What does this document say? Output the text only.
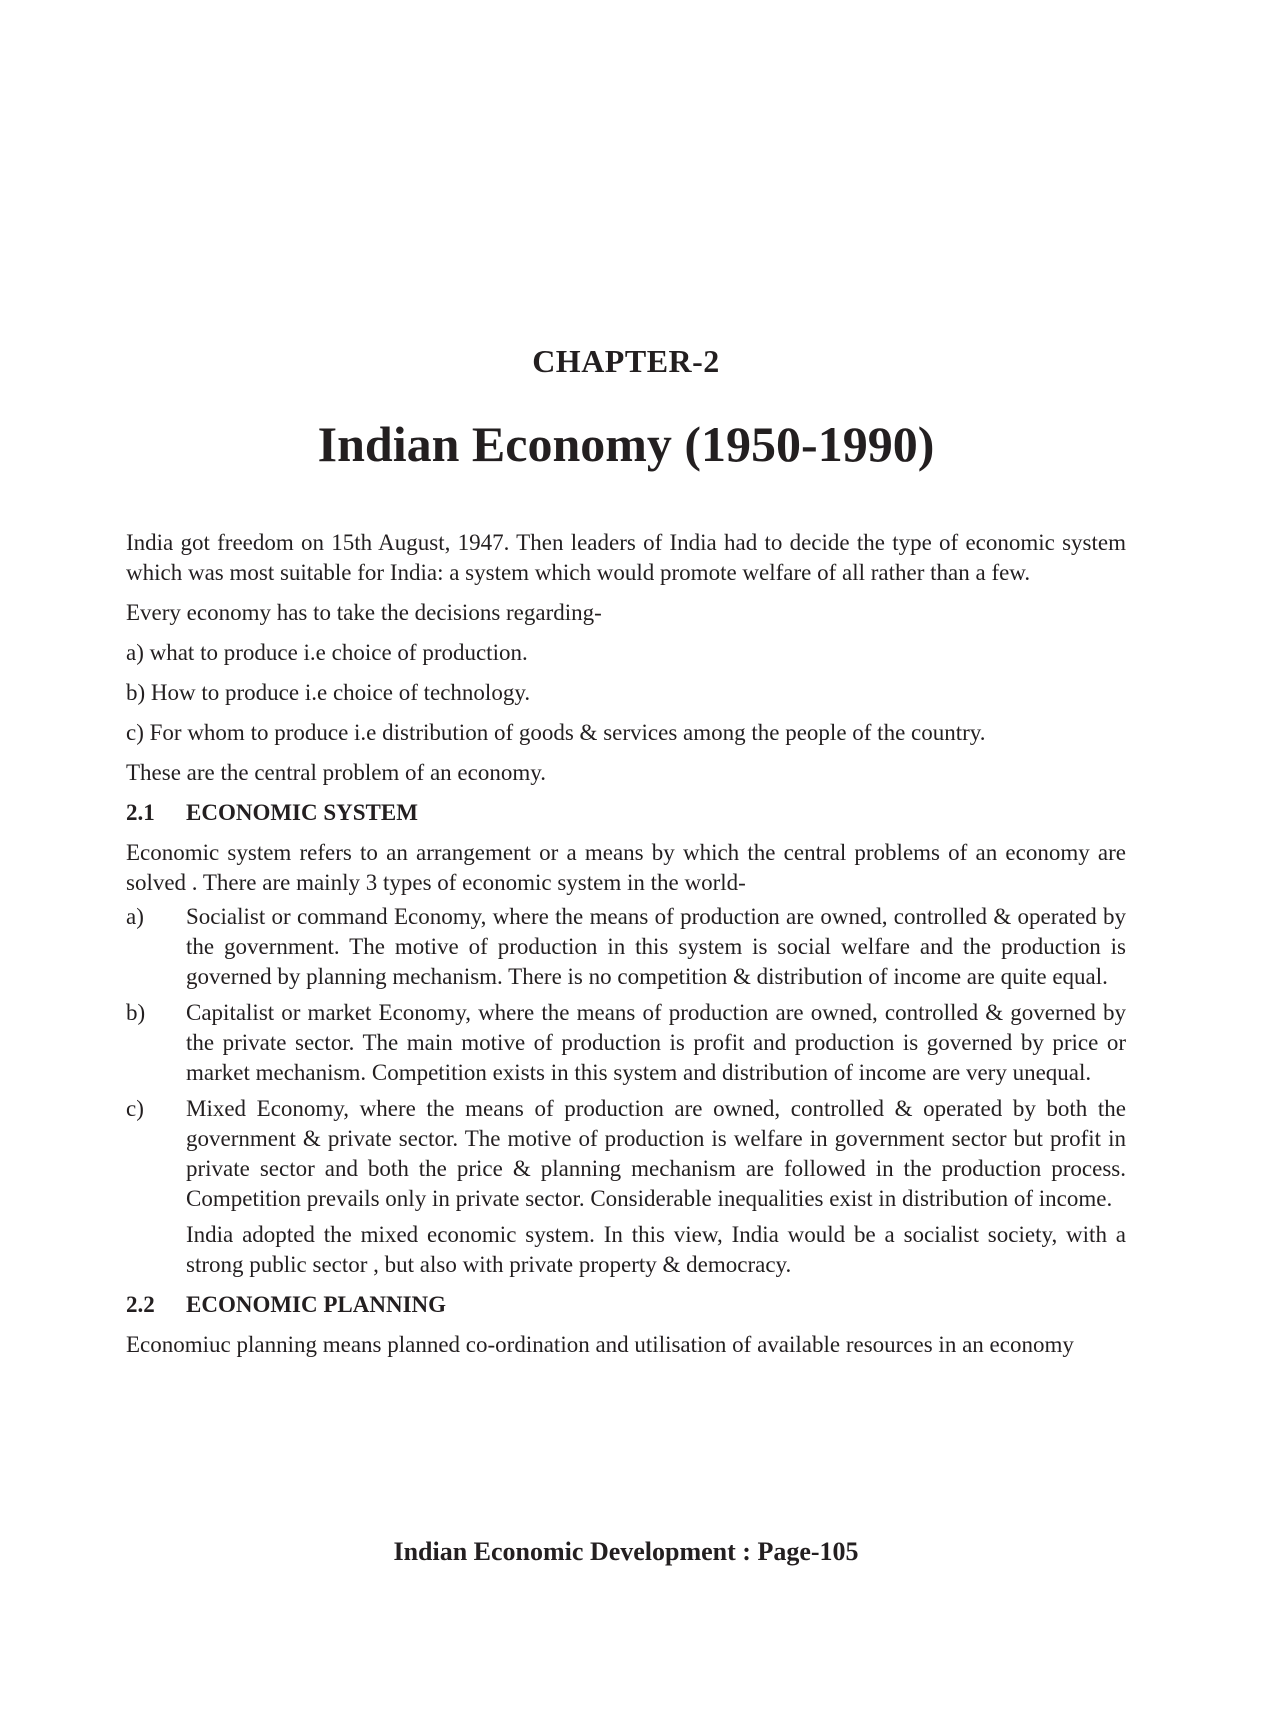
CHAPTER-2
Indian Economy (1950-1990)

India got freedom on 15th August, 1947. Then leaders of India had to decide the type of economic system which was most suitable for India: a system which would promote welfare of all rather than a few.

Every economy has to take the decisions regarding-

a) what to produce i.e choice of production.

b) How to produce i.e choice of technology.

c) For whom to produce i.e distribution of goods & services among the people of the country.

These are the central problem of an economy.

2.1	ECONOMIC SYSTEM

Economic system refers to an arrangement or a means by which the central problems of an economy are solved . There are mainly 3 types of economic system in the world-

a)	Socialist or command Economy, where the means of production are owned, controlled & operated by the government. The motive of production in this system is social welfare and the production is governed by planning mechanism. There is no competition & distribution of income are quite equal.
b)	Capitalist or market Economy, where the means of production are owned, controlled & governed by the private sector. The main motive of production is profit and production is governed by price or market mechanism. Competition exists in this system and distribution of income are very unequal.
c)	Mixed Economy, where the means of production are owned, controlled & operated by both the government & private sector. The motive of production is welfare in government sector but profit in private sector and both the price & planning mechanism are followed in the production process. Competition prevails only in private sector. Considerable inequalities exist in distribution of income.

India adopted the mixed economic system. In this view, India would be a socialist society, with a strong public sector , but also with private property & democracy.

2.2	ECONOMIC PLANNING

Economiuc planning means planned co-ordination and utilisation of available resources in an economy

Indian Economic Development : Page-105
